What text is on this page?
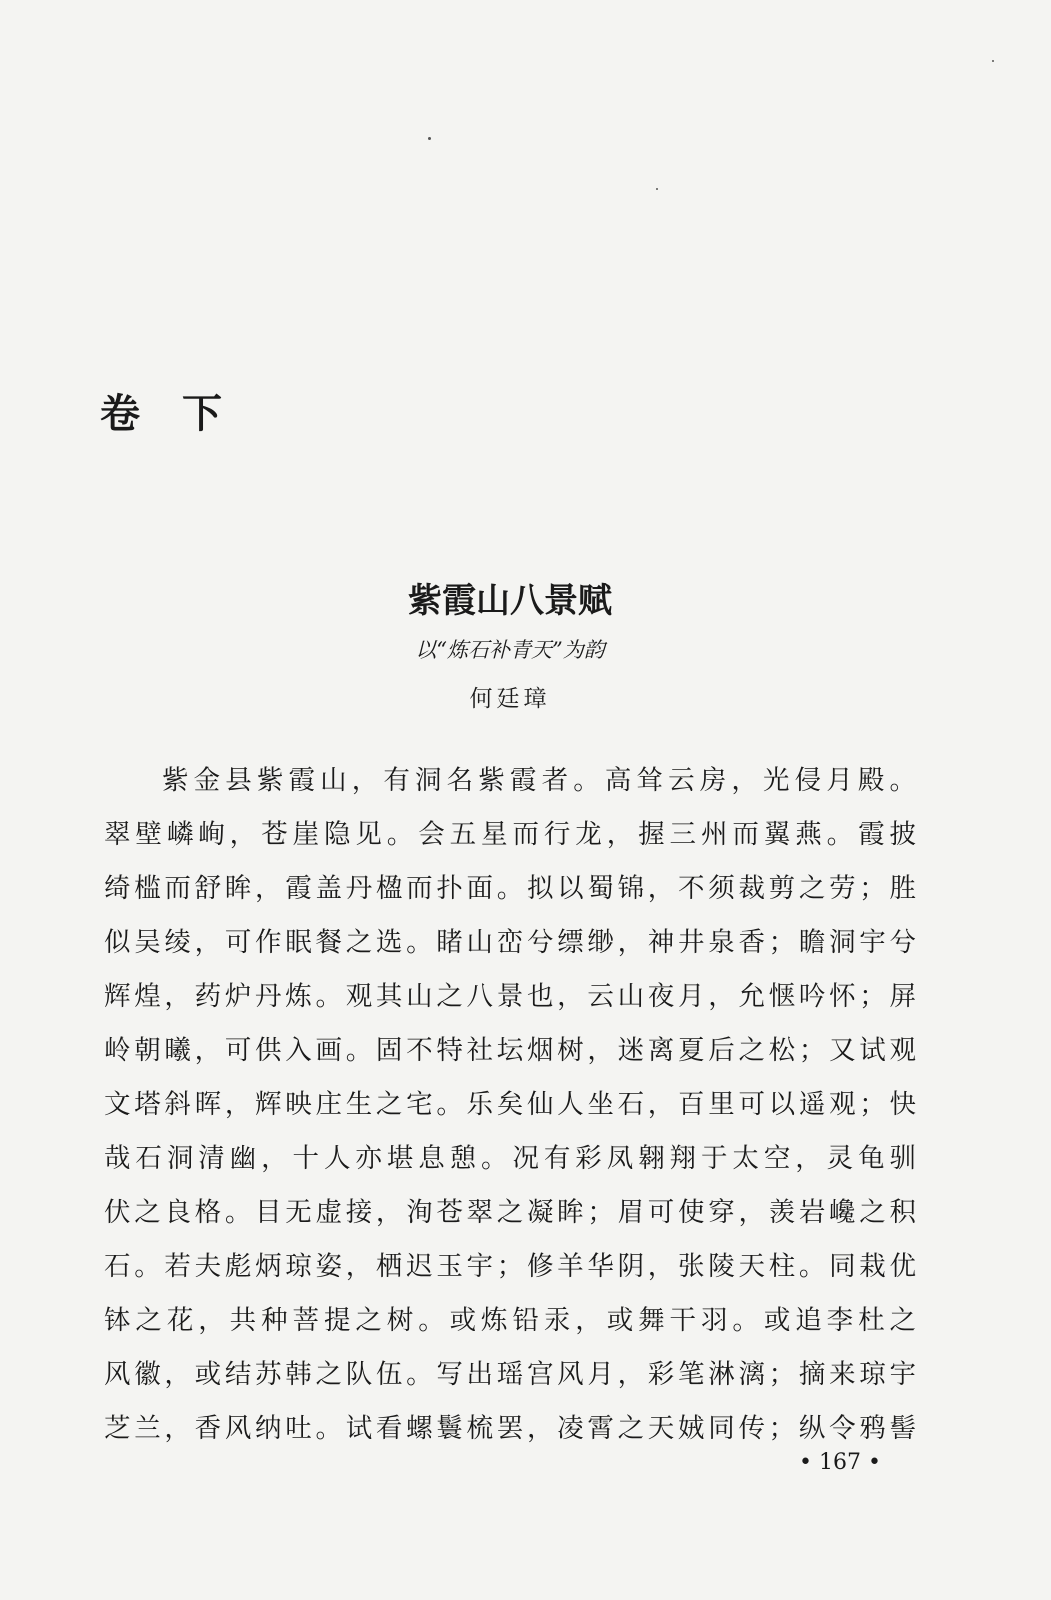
卷下
紫霞山八景赋
以“炼石补青天”为韵
何廷璋
紫金县紫霞山，有洞名紫霞者。高耸云房，光侵月殿。
翠壁嶙峋，苍崖隐见。会五星而行龙，握三州而翼燕。霞披
绮槛而舒眸，霞盖丹楹而扑面。拟以蜀锦，不须裁剪之劳；胜
似吴绫，可作眠餐之选。睹山峦兮缥缈，神井泉香；瞻洞宇兮
辉煌，药炉丹炼。观其山之八景也，云山夜月，允惬吟怀；屏
岭朝曦，可供入画。固不特社坛烟树，迷离夏后之松；又试观
文塔斜晖，辉映庄生之宅。乐矣仙人坐石，百里可以遥观；快
哉石洞清幽，十人亦堪息憩。况有彩凤翱翔于太空，灵龟驯
伏之良格。目无虚接，洵苍翠之凝眸；眉可使穿，羡岩巉之积
石。若夫彪炳琼姿，栖迟玉宇；修羊华阴，张陵天柱。同栽优
钵之花，共种菩提之树。或炼铅汞，或舞干羽。或追李杜之
风徽，或结苏韩之队伍。写出瑶宫风月，彩笔淋漓；摘来琼宇
芝兰，香风纳吐。试看螺鬟梳罢，凌霄之天娀同传；纵令鸦髻
• 167 •
